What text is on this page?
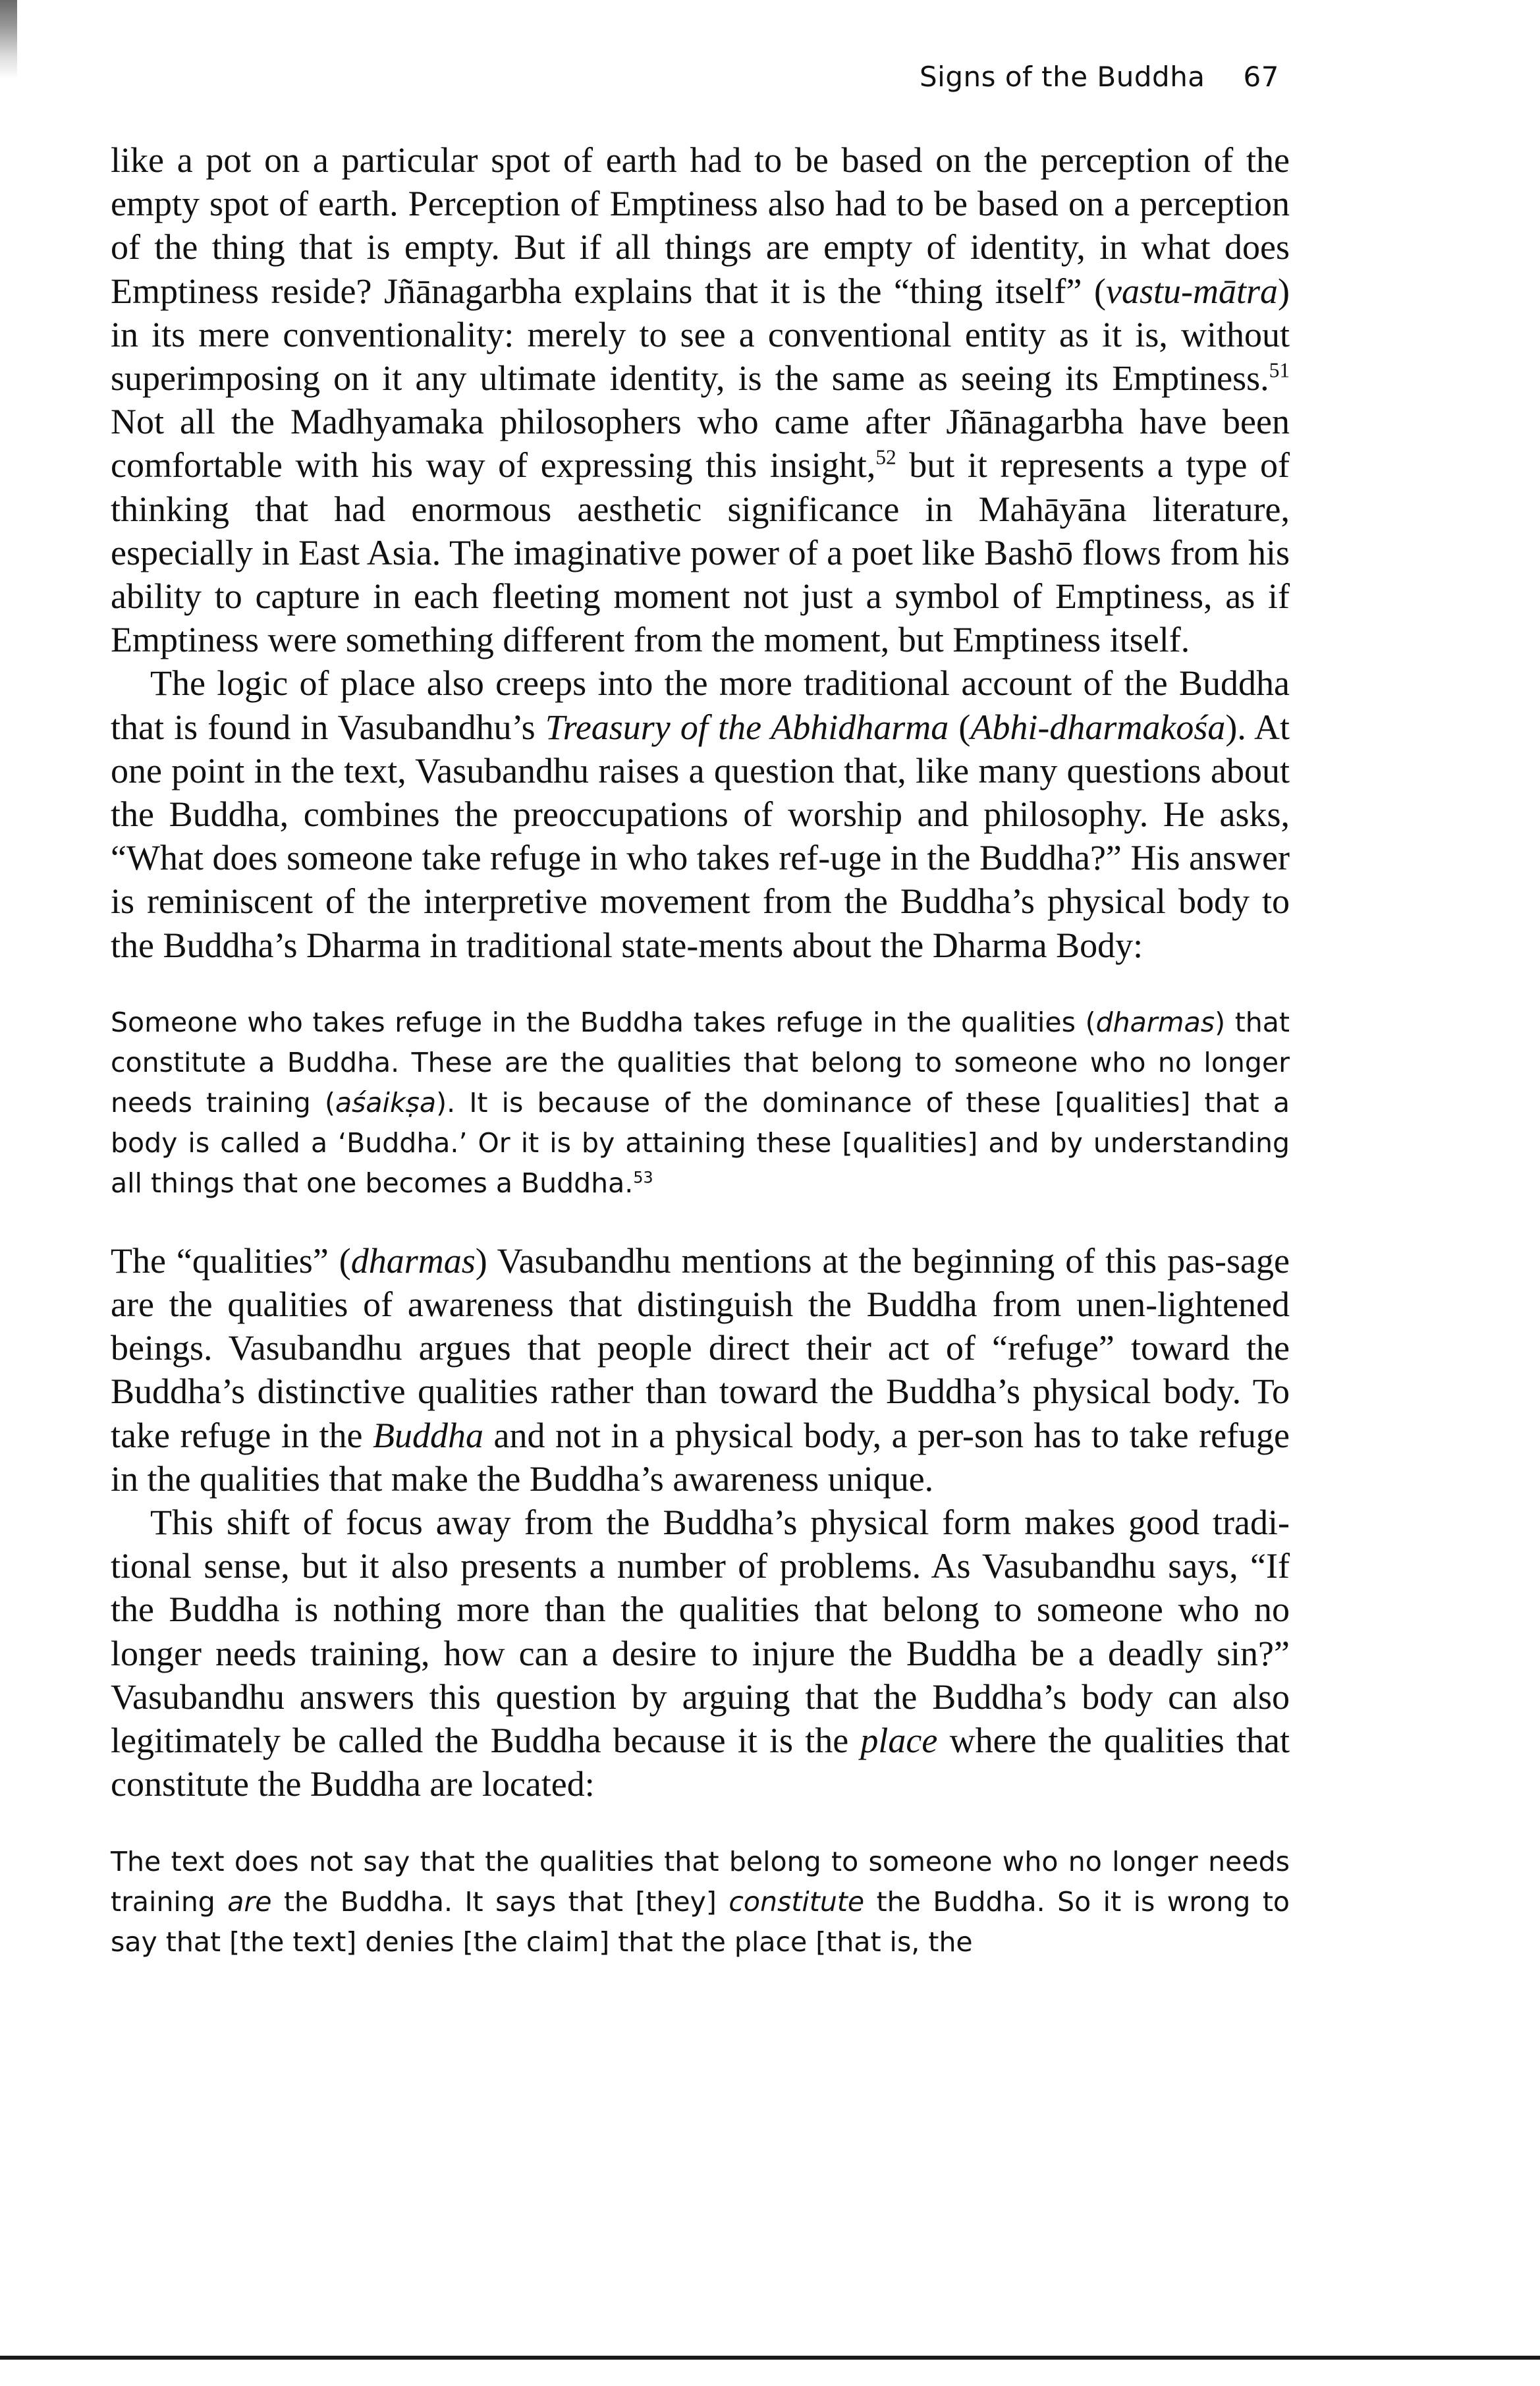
Signs of the Buddha 67

like a pot on a particular spot of earth had to be based on the perception of the empty spot of earth. Perception of Emptiness also had to be based on a perception of the thing that is empty. But if all things are empty of identity, in what does Emptiness reside? Jñānagarbha explains that it is the “thing itself” (vastu-mātra) in its mere conventionality: merely to see a conventional entity as it is, without superimposing on it any ultimate identity, is the same as seeing its Emptiness.$^{51}$ Not all the Madhyamaka philosophers who came after Jñānagarbha have been comfortable with his way of expressing this insight,$^{52}$ but it represents a type of thinking that had enormous aesthetic significance in Mahāyāna literature, especially in East Asia. The imaginative power of a poet like Bashō flows from his ability to capture in each fleeting moment not just a symbol of Emptiness, as if Emptiness were something different from the moment, but Emptiness itself.

The logic of place also creeps into the more traditional account of the Buddha that is found in Vasubandhu’s Treasury of the Abhidharma (Abhi-dharmakośa). At one point in the text, Vasubandhu raises a question that, like many questions about the Buddha, combines the preoccupations of worship and philosophy. He asks, “What does someone take refuge in who takes ref-uge in the Buddha?” His answer is reminiscent of the interpretive movement from the Buddha’s physical body to the Buddha’s Dharma in traditional state-ments about the Dharma Body:

Someone who takes refuge in the Buddha takes refuge in the qualities (dharmas) that constitute a Buddha. These are the qualities that belong to someone who no longer needs training (aśaikṣa). It is because of the dominance of these [qualities] that a body is called a ‘Buddha.’ Or it is by attaining these [qualities] and by understanding all things that one becomes a Buddha.$^{53}$

The “qualities” (dharmas) Vasubandhu mentions at the beginning of this pas-sage are the qualities of awareness that distinguish the Buddha from unen-lightened beings. Vasubandhu argues that people direct their act of “refuge” toward the Buddha’s distinctive qualities rather than toward the Buddha’s physical body. To take refuge in the Buddha and not in a physical body, a per-son has to take refuge in the qualities that make the Buddha’s awareness unique.

This shift of focus away from the Buddha’s physical form makes good tradi-tional sense, but it also presents a number of problems. As Vasubandhu says, “If the Buddha is nothing more than the qualities that belong to someone who no longer needs training, how can a desire to injure the Buddha be a deadly sin?” Vasubandhu answers this question by arguing that the Buddha’s body can also legitimately be called the Buddha because it is the place where the qualities that constitute the Buddha are located:

The text does not say that the qualities that belong to someone who no longer needs training are the Buddha. It says that [they] constitute the Buddha. So it is wrong to say that [the text] denies [the claim] that the place [that is, the
